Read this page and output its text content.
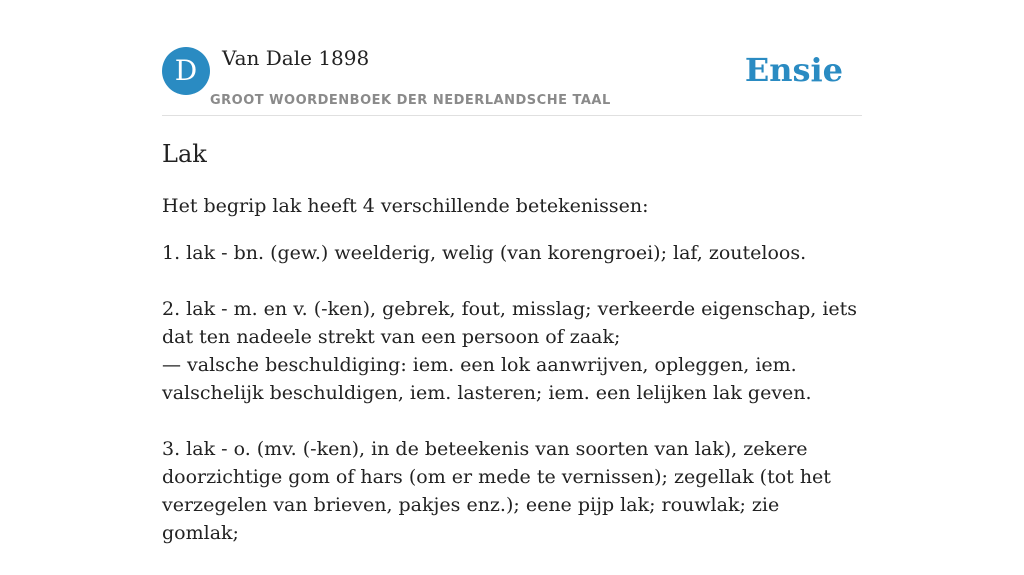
D	Van Dale 1898
GROOT WOORDENBOEK DER NEDERLANDSCHE TAAL
Ensie
Lak

Het begrip lak heeft 4 verschillende betekenissen:

1. lak - bn. (gew.) weelderig, welig (van korengroei); laf, zouteloos.
2. lak - m. en v. (-ken), gebrek, fout, misslag; verkeerde eigenschap, iets dat ten nadeele strekt van een persoon of zaak;
— valsche beschuldiging: iem. een lok aanwrijven, opleggen, iem. valschelijk beschuldigen, iem. lasteren; iem. een lelijken lak geven.
3. lak - o. (mv. (-ken), in de beteekenis van soorten van lak), zekere doorzichtige gom of hars (om er mede te vernissen); zegellak (tot het verzegelen van brieven, pakjes enz.); eene pijp lak; rouwlak; zie gomlak;
